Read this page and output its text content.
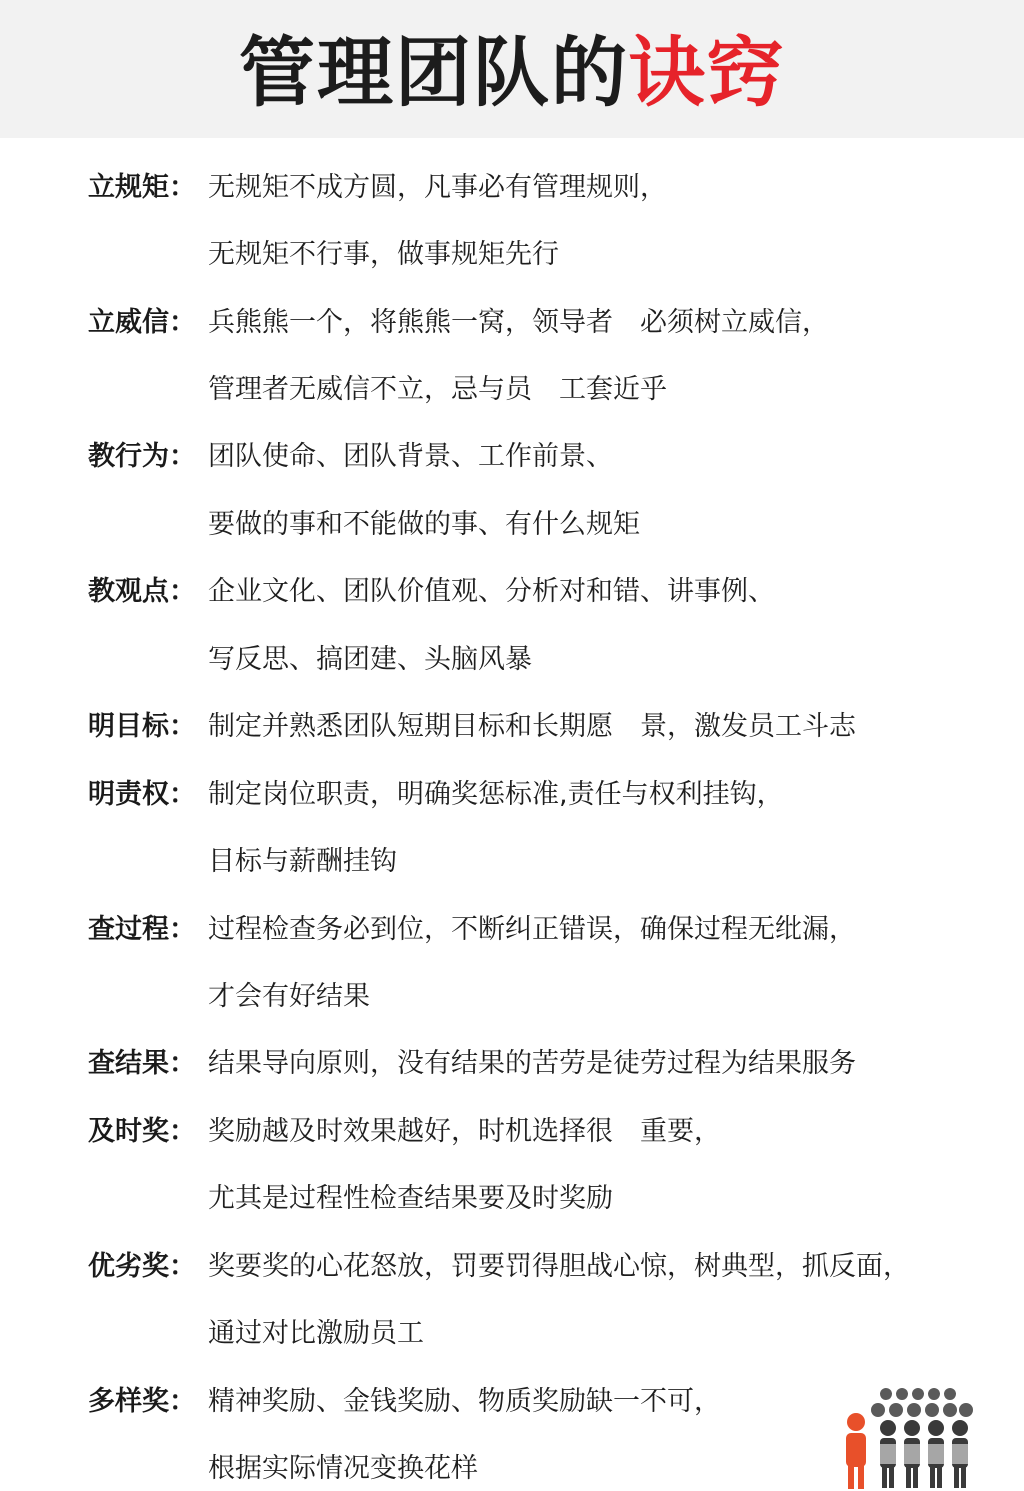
管理团队的诀窍
立规矩： 无规矩不成方圆，凡事必有管理规则，
无规矩不行事，做事规矩先行
立威信： 兵熊熊一个，将熊熊一窝，领导者　必须树立威信，
管理者无威信不立，忌与员　工套近乎
教行为： 团队使命、团队背景、工作前景、
要做的事和不能做的事、有什么规矩
教观点： 企业文化、团队价值观、分析对和错、讲事例、
写反思、搞团建、头脑风暴
明目标： 制定并熟悉团队短期目标和长期愿　景，激发员工斗志
明责权： 制定岗位职责，明确奖惩标准,责任与权利挂钩，
目标与薪酬挂钩
查过程： 过程检查务必到位，不断纠正错误，确保过程无纰漏，
才会有好结果
查结果： 结果导向原则，没有结果的苦劳是徒劳过程为结果服务
及时奖： 奖励越及时效果越好，时机选择很　重要，
尤其是过程性检查结果要及时奖励
优劣奖： 奖要奖的心花怒放，罚要罚得胆战心惊，树典型，抓反面，
通过对比激励员工
多样奖： 精神奖励、金钱奖励、物质奖励缺一不可，
根据实际情况变换花样
